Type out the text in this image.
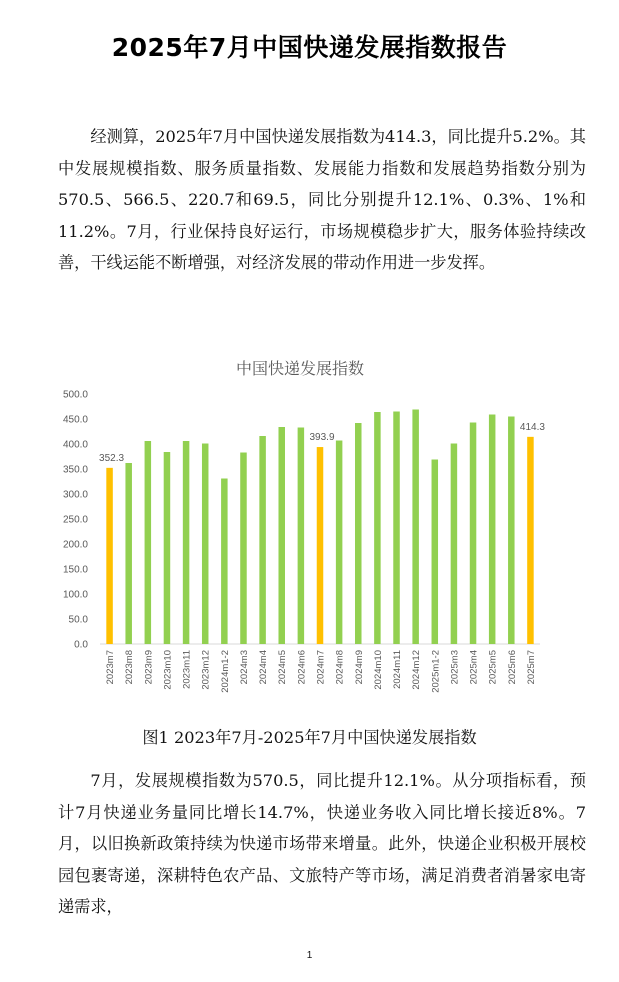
2025年7月中国快递发展指数报告

经测算，2025年7月中国快递发展指数为414.3，同比提升5.2%。其中发展规模指数、服务质量指数、发展能力指数和发展趋势指数分别为570.5、566.5、220.7和69.5，同比分别提升12.1%、0.3%、1%和11.2%。7月，行业保持良好运行，市场规模稳步扩大，服务体验持续改善，干线运能不断增强，对经济发展的带动作用进一步发挥。

中国快递发展指数
0.0
50.0
100.0
150.0
200.0
250.0
300.0
350.0
400.0
450.0
500.0
2023m7 2023m8 2023m9 2023m10 2023m11 2023m12 2024m1-2 2024m3 2024m4 2024m5 2024m6 2024m7 2024m8 2024m9 2024m10 2024m11 2024m12 2025m1-2 2025m3 2025m4 2025m5 2025m6 2025m7
352.3
393.9
414.3
图1 2023年7月-2025年7月中国快递发展指数

7月，发展规模指数为570.5，同比提升12.1%。从分项指标看，预计7月快递业务量同比增长14.7%，快递业务收入同比增长接近8%。7月，以旧换新政策持续为快递市场带来增量。此外，快递企业积极开展校园包裹寄递，深耕特色农产品、文旅特产等市场，满足消费者消暑家电寄递需求，

1
